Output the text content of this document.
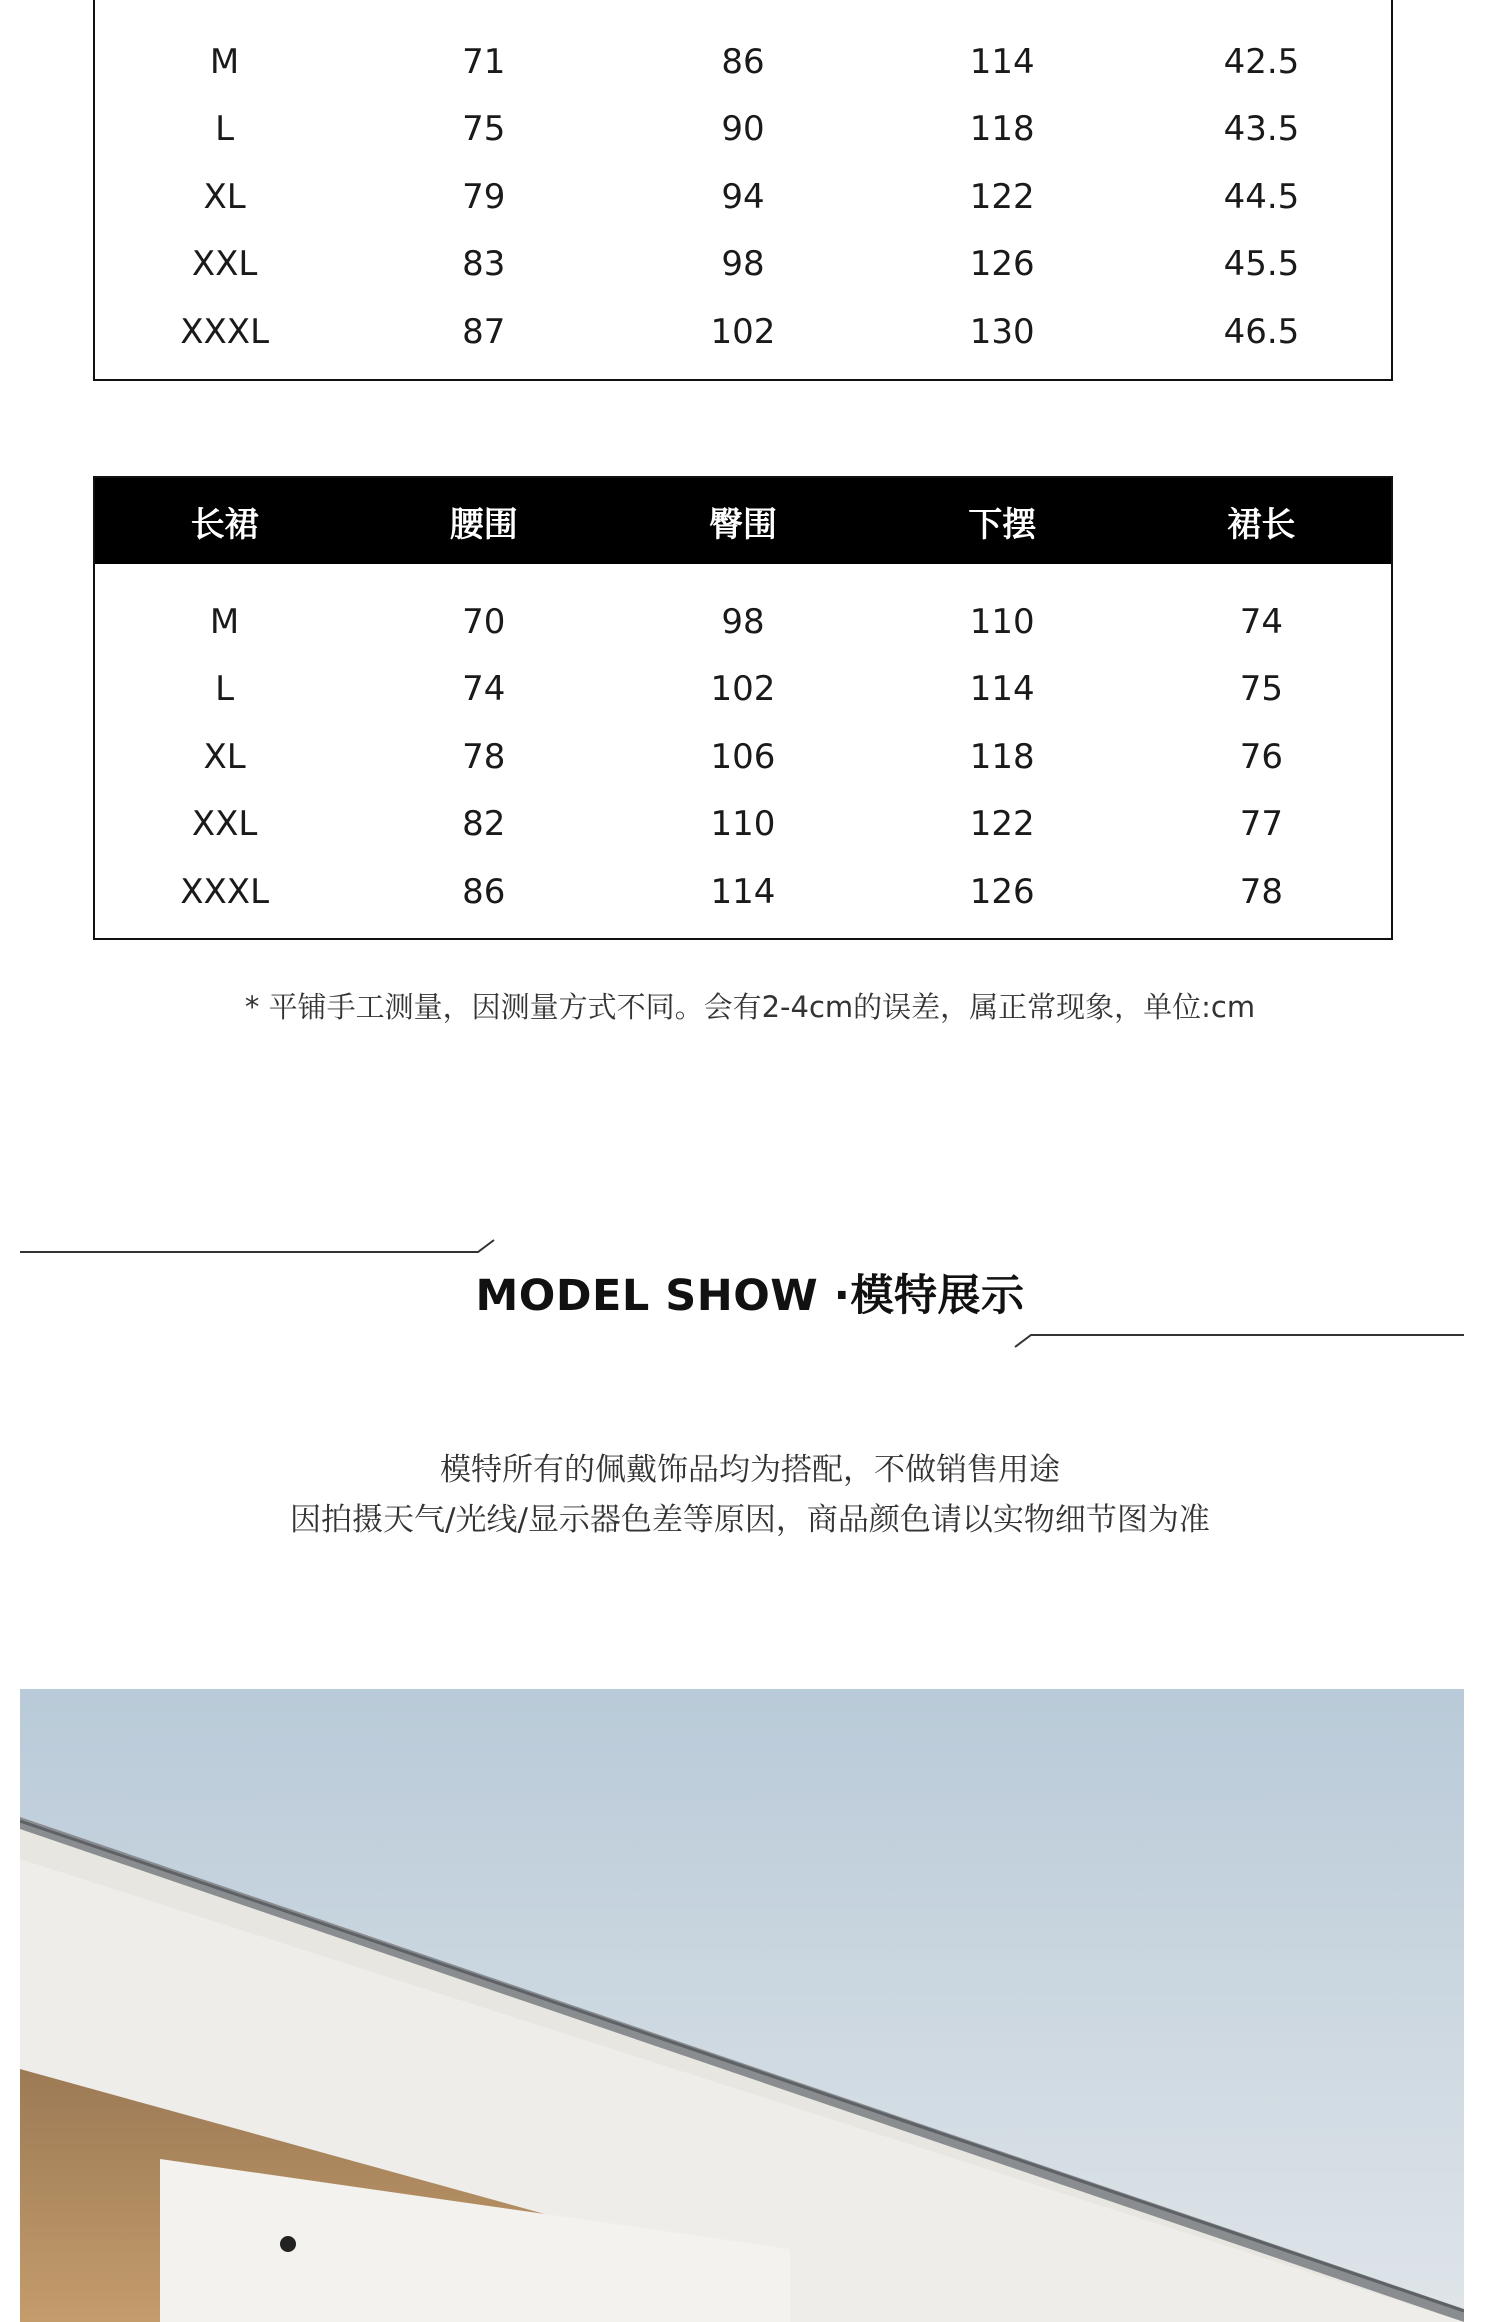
M	71	86	114	42.5
L	75	90	118	43.5
XL	79	94	122	44.5
XXL	83	98	126	45.5
XXXL	87	102	130	46.5
长裙	腰围	臀围	下摆	裙长
M	70	98	110	74
L	74	102	114	75
XL	78	106	118	76
XXL	82	110	122	77
XXXL	86	114	126	78
* 平铺手工测量，因测量方式不同。会有2-4cm的误差，属正常现象，单位:cm
MODEL SHOW ·模特展示
模特所有的佩戴饰品均为搭配，不做销售用途
因拍摄天气/光线/显示器色差等原因，商品颜色请以实物细节图为准
